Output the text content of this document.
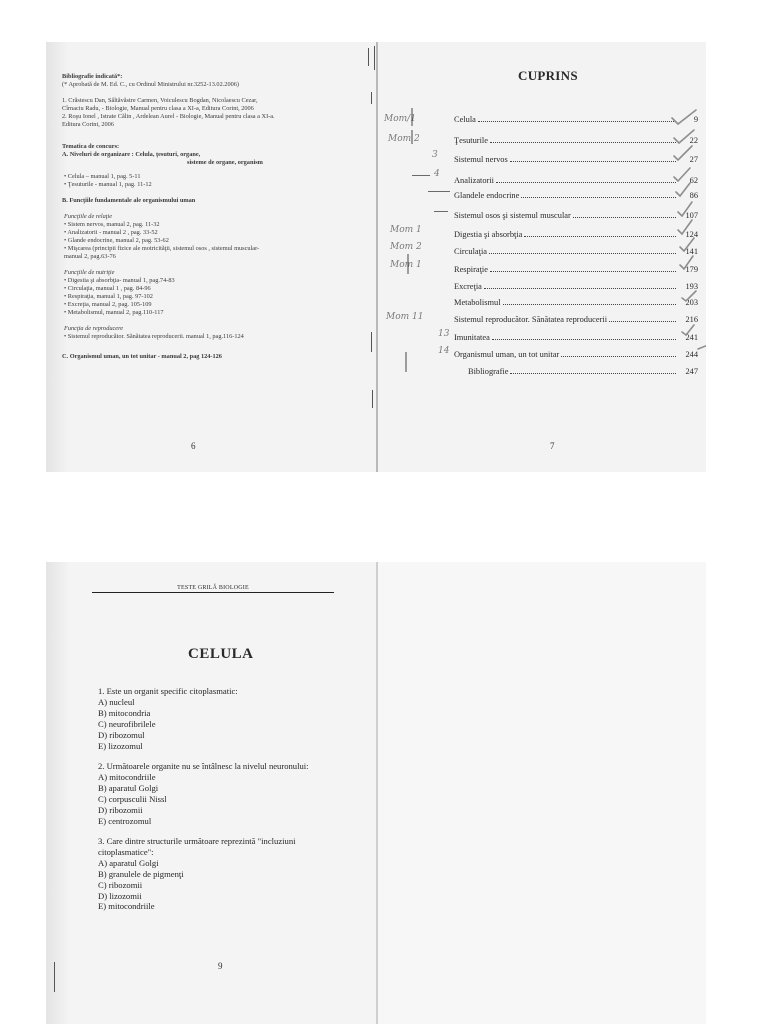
Bibliografie indicată*:
(* Aprobată de M. Ed. C., cu Ordinul Ministrului nr.3252-13.02.2006)
1. Crăstescu Dan, Săltăvăstre Carmen, Voiculescu Bogdan, Nicolaescu Cezar,
Cîrnaciu Radu, - Biologie, Manual pentru clasa a XI-a, Editura Corint, 2006
2. Roşu Ionel , Istrate Călin , Ardelean Aurel - Biologie, Manual pentru clasa a XI-a.
Editura Corint, 2006
Tematica de concurs:
A. Niveluri de organizare : Celula, ţesuturi, organe,
sisteme de organe, organism
• Celula – manual 1, pag. 5-11
• Ţesuturile - manual 1, pag. 11-12
B. Funcţiile fundamentale ale organismului uman
Funcţiile de relaţie
• Sistem nervos, manual 2, pag. 11-32
• Analizatorii - manual 2 , pag. 33-52
• Glande endocrine, manual 2, pag. 53-62
• Mişcarea (principii fizice ale motricităţii, sistemul osos , sistemul muscular-
manual 2, pag.63-76
Funcţiile de nutriţie
• Digestia şi absorbţia- manual 1, pag.74-83
• Circulaţia, manual 1 , pag. 84-96
• Respiraţia, manual 1, pag. 97-102
• Excreţia, manual 2, pag. 105-109
• Metabolismul, manual 2, pag.110-117
Funcţia de reproducere
• Sistemul reproducător. Sănătatea reproducerii. manual 1, pag.116-124
C. Organismul uman, un tot unitar - manual 2, pag 124-126
6
CUPRINS
Celula	9
Ţesuturile	22
Sistemul nervos	27
Analizatorii	62
Glandele endocrine	86
Sistemul osos şi sistemul muscular	107
Digestia şi absorbţia	124
Circulaţia	141
Respiraţie	179
Excreţia	193
Metabolismul	203
Sistemul reproducător. Sănătatea reproducerii	216
Imunitatea	241
Organismul uman, un tot unitar	244
Bibliografie	247
Mom/1
Mom 2
3
4
Mom 1
Mom 2
Mom 1
Mom 11
13
14
7
TESTE GRILĂ BIOLOGIE
CELULA
1. Este un organit specific citoplasmatic:
A) nucleul
B) mitocondria
C) neurofibrilele
D) ribozomul
E) lizozomul
2. Următoarele organite nu se întâlnesc la nivelul neuronului:
A) mitocondriile
B) aparatul Golgi
C) corpusculii Nissl
D) ribozomii
E) centrozomul
3. Care dintre structurile următoare reprezintă "incluziuni
citoplasmatice":
A) aparatul Golgi
B) granulele de pigmenţi
C) ribozomii
D) lizozomii
E) mitocondriile
9
